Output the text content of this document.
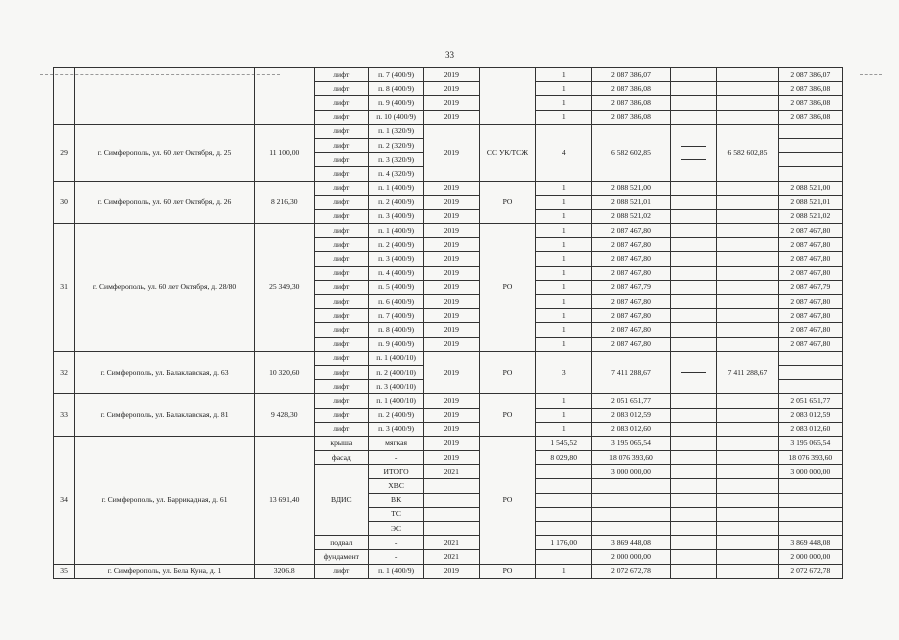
33
			лифт	п. 7 (400/9)	2019		1	2 087 386,07			2 087 386,07
			лифт	п. 8 (400/9)	2019		1	2 087 386,08			2 087 386,08
			лифт	п. 9 (400/9)	2019		1	2 087 386,08			2 087 386,08
			лифт	п. 10 (400/9)	2019		1	2 087 386,08			2 087 386,08
29	г. Симферополь, ул. 60 лет Октября, д. 25	11 100,00	лифт	п. 1 (320/9)	2019	СС УК/ТСЖ	4	6 582 602,85		6 582 602,85	
			лифт	п. 2 (320/9)							
			лифт	п. 3 (320/9)							
			лифт	п. 4 (320/9)							
30	г. Симферополь, ул. 60 лет Октября, д. 26	8 216,30	лифт	п. 1 (400/9)	2019	РО	1	2 088 521,00			2 088 521,00
			лифт	п. 2 (400/9)	2019		1	2 088 521,01			2 088 521,01
			лифт	п. 3 (400/9)	2019		1	2 088 521,02			2 088 521,02
31	г. Симферополь, ул. 60 лет Октября, д. 28/80	25 349,30	лифт	п. 1 (400/9)	2019	РО	1	2 087 467,80			2 087 467,80
			лифт	п. 2 (400/9)	2019		1	2 087 467,80			2 087 467,80
			лифт	п. 3 (400/9)	2019		1	2 087 467,80			2 087 467,80
			лифт	п. 4 (400/9)	2019		1	2 087 467,80			2 087 467,80
			лифт	п. 5 (400/9)	2019		1	2 087 467,79			2 087 467,79
			лифт	п. 6 (400/9)	2019		1	2 087 467,80			2 087 467,80
			лифт	п. 7 (400/9)	2019		1	2 087 467,80			2 087 467,80
			лифт	п. 8 (400/9)	2019		1	2 087 467,80			2 087 467,80
			лифт	п. 9 (400/9)	2019		1	2 087 467,80			2 087 467,80
32	г. Симферополь, ул. Балаклавская, д. 63	10 320,60	лифт	п. 1 (400/10)	2019	РО	3	7 411 288,67		7 411 288,67	
			лифт	п. 2 (400/10)							
			лифт	п. 3 (400/10)							
33	г. Симферополь, ул. Балаклавская, д. 81	9 428,30	лифт	п. 1 (400/10)	2019	РО	1	2 051 651,77			2 051 651,77
			лифт	п. 2 (400/9)	2019		1	2 083 012,59			2 083 012,59
			лифт	п. 3 (400/9)	2019		1	2 083 012,60			2 083 012,60
34	г. Симферополь, ул. Баррикадная, д. 61	13 691,40	крыша	мягкая	2019	РО	1 545,52	3 195 065,54			3 195 065,54
			фасад	-	2019		8 029,80	18 076 393,60			18 076 393,60
			ВДИС	ИТОГО	2021			3 000 000,00			3 000 000,00
				ХВС							
				ВК							
				ТС							
				ЭС							
			подвал	-	2021		1 176,00	3 869 448,08			3 869 448,08
			фундамент	-	2021			2 000 000,00			2 000 000,00
35	г. Симферополь, ул. Бела Куна, д. 1	3206.8	лифт	п. 1 (400/9)	2019	РО	1	2 072 672,78			2 072 672,78
